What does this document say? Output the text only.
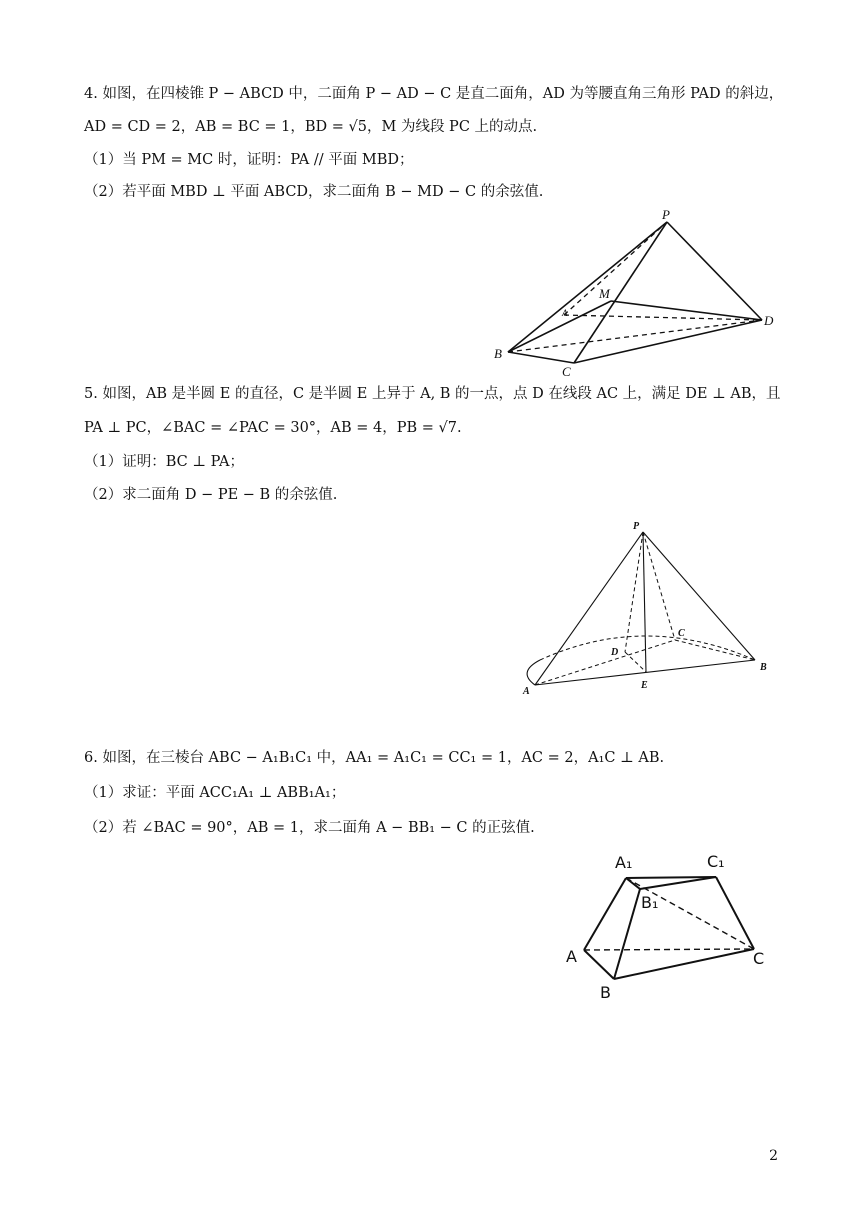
4. 如图，在四棱锥 P − ABCD 中，二面角 P − AD − C 是直二面角，AD 为等腰直角三角形 PAD 的斜边，
AD = CD = 2，AB = BC = 1，BD = √5，M 为线段 PC 上的动点.
（1）当 PM = MC 时，证明：PA // 平面 MBD；
（2）若平面 MBD ⊥ 平面 ABCD，求二面角 B − MD − C 的余弦值.
P
M
A
B
C
D
5. 如图，AB 是半圆 E 的直径，C 是半圆 E 上异于 A, B 的一点，点 D 在线段 AC 上，满足 DE ⊥ AB，且
PA ⊥ PC，∠BAC = ∠PAC = 30°，AB = 4，PB = √7.
（1）证明：BC ⊥ PA；
（2）求二面角 D − PE − B 的余弦值.
P
A
B
C
D
E
6. 如图，在三棱台 ABC − A₁B₁C₁ 中，AA₁ = A₁C₁ = CC₁ = 1，AC = 2，A₁C ⊥ AB.
（1）求证：平面 ACC₁A₁ ⊥ ABB₁A₁；
（2）若 ∠BAC = 90°，AB = 1，求二面角 A − BB₁ − C 的正弦值.
A₁	C₁
B₁
A	C
B
2
